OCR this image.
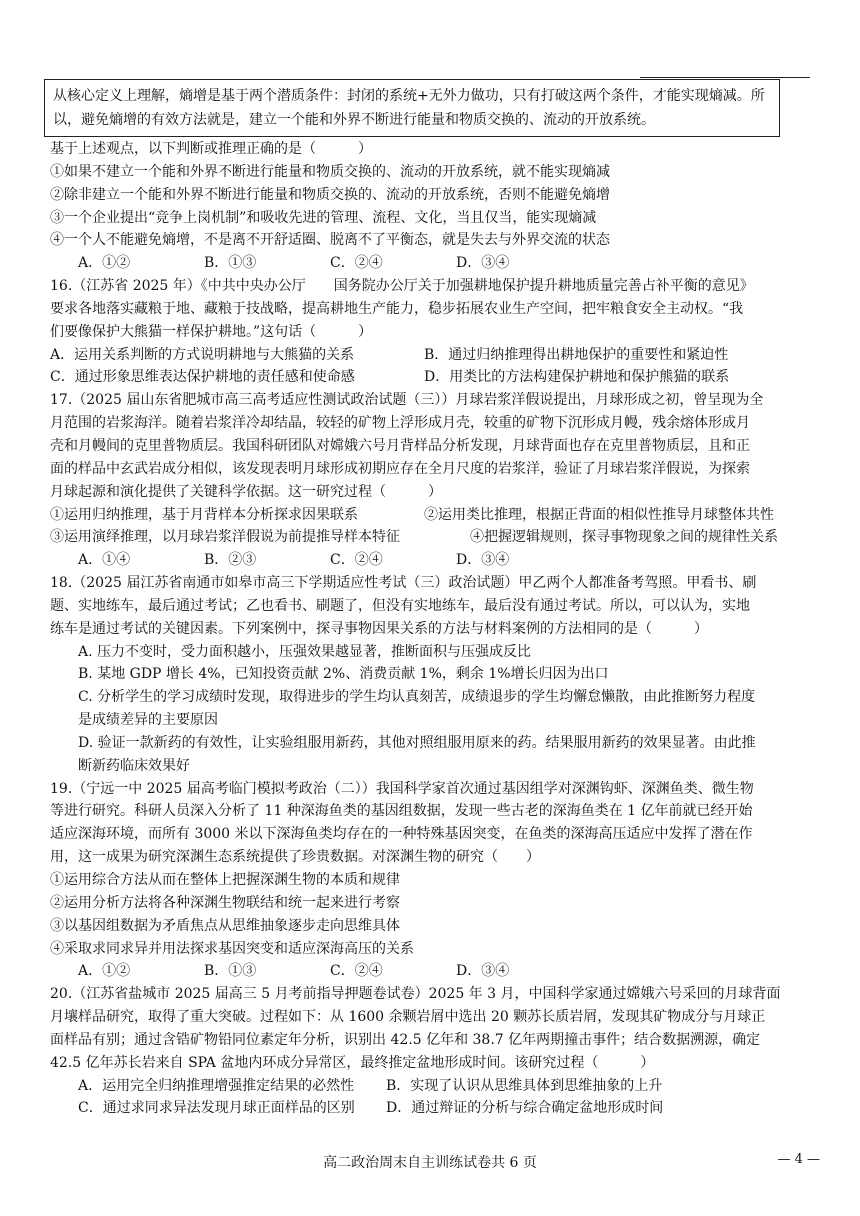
从核心定义上理解，熵增是基于两个潜质条件：封闭的系统+无外力做功，只有打破这两个条件，才能实现熵减。所以，避免熵增的有效方法就是，建立一个能和外界不断进行能量和物质交换的、流动的开放系统。
基于上述观点，以下判断或推理正确的是（　　　）
①如果不建立一个能和外界不断进行能量和物质交换的、流动的开放系统，就不能实现熵减
②除非建立一个能和外界不断进行能量和物质交换的、流动的开放系统，否则不能避免熵增
③一个企业提出“竞争上岗机制”和吸收先进的管理、流程、文化，当且仅当，能实现熵减
④一个人不能避免熵增，不是离不开舒适圈、脱离不了平衡态，就是失去与外界交流的状态
A．①②	B．①③	C．②④	D．③④
16.（江苏省 2025 年）《中共中央办公厅　　国务院办公厅关于加强耕地保护提升耕地质量完善占补平衡的意见》
要求各地落实藏粮于地、藏粮于技战略，提高耕地生产能力，稳步拓展农业生产空间，把牢粮食安全主动权。“我
们要像保护大熊猫一样保护耕地。”这句话（　　　）
A．运用关系判断的方式说明耕地与大熊猫的关系	B．通过归纳推理得出耕地保护的重要性和紧迫性
C．通过形象思维表达保护耕地的责任感和使命感	D．用类比的方法构建保护耕地和保护熊猫的联系
17.（2025 届山东省肥城市高三高考适应性测试政治试题（三））月球岩浆洋假说提出，月球形成之初，曾呈现为全
月范围的岩浆海洋。随着岩浆洋冷却结晶，较轻的矿物上浮形成月壳，较重的矿物下沉形成月幔，残余熔体形成月
壳和月幔间的克里普物质层。我国科研团队对嫦娥六号月背样品分析发现，月球背面也存在克里普物质层，且和正
面的样品中玄武岩成分相似，该发现表明月球形成初期应存在全月尺度的岩浆洋，验证了月球岩浆洋假说，为探索
月球起源和演化提供了关键科学依据。这一研究过程（　　　）
①运用归纳推理，基于月背样本分析探求因果联系	②运用类比推理，根据正背面的相似性推导月球整体共性
③运用演绎推理，以月球岩浆洋假说为前提推导样本特征	④把握逻辑规则，探寻事物现象之间的规律性关系
A．①④	B．②③	C．②④	D．③④
18.（2025 届江苏省南通市如皋市高三下学期适应性考试（三）政治试题）甲乙两个人都准备考驾照。甲看书、刷
题、实地练车，最后通过考试；乙也看书、刷题了，但没有实地练车，最后没有通过考试。所以，可以认为，实地
练车是通过考试的关键因素。下列案例中，探寻事物因果关系的方法与材料案例的方法相同的是（　　　）
A. 压力不变时，受力面积越小，压强效果越显著，推断面积与压强成反比
B. 某地 GDP 增长 4%，已知投资贡献 2%、消费贡献 1%，剩余 1%增长归因为出口
C. 分析学生的学习成绩时发现，取得进步的学生均认真刻苦，成绩退步的学生均懈怠懒散，由此推断努力程度
是成绩差异的主要原因
D. 验证一款新药的有效性，让实验组服用新药，其他对照组服用原来的药。结果服用新药的效果显著。由此推
断新药临床效果好
19.（宁远一中 2025 届高考临门模拟考政治（二））我国科学家首次通过基因组学对深渊钩虾、深渊鱼类、微生物
等进行研究。科研人员深入分析了 11 种深海鱼类的基因组数据，发现一些古老的深海鱼类在 1 亿年前就已经开始
适应深海环境，而所有 3000 米以下深海鱼类均存在的一种特殊基因突变，在鱼类的深海高压适应中发挥了潜在作
用，这一成果为研究深渊生态系统提供了珍贵数据。对深渊生物的研究（　　）
①运用综合方法从而在整体上把握深渊生物的本质和规律
②运用分析方法将各种深渊生物联结和统一起来进行考察
③以基因组数据为矛盾焦点从思维抽象逐步走向思维具体
④采取求同求异并用法探求基因突变和适应深海高压的关系
A．①②	B．①③	C．②④	D．③④
20.（江苏省盐城市 2025 届高三 5 月考前指导押题卷试卷）2025 年 3 月，中国科学家通过嫦娥六号采回的月球背面
月壤样品研究，取得了重大突破。过程如下：从 1600 余颗岩屑中选出 20 颗苏长质岩屑，发现其矿物成分与月球正
面样品有别；通过含锆矿物铅同位素定年分析，识别出 42.5 亿年和 38.7 亿年两期撞击事件；结合数据溯源，确定
42.5 亿年苏长岩来自 SPA 盆地内环成分异常区，最终推定盆地形成时间。该研究过程（　　　）
A．运用完全归纳推理增强推定结果的必然性	B．实现了认识从思维具体到思维抽象的上升
C．通过求同求异法发现月球正面样品的区别	D．通过辩证的分析与综合确定盆地形成时间
高二政治周末自主训练试卷共 6 页	— 4 —
